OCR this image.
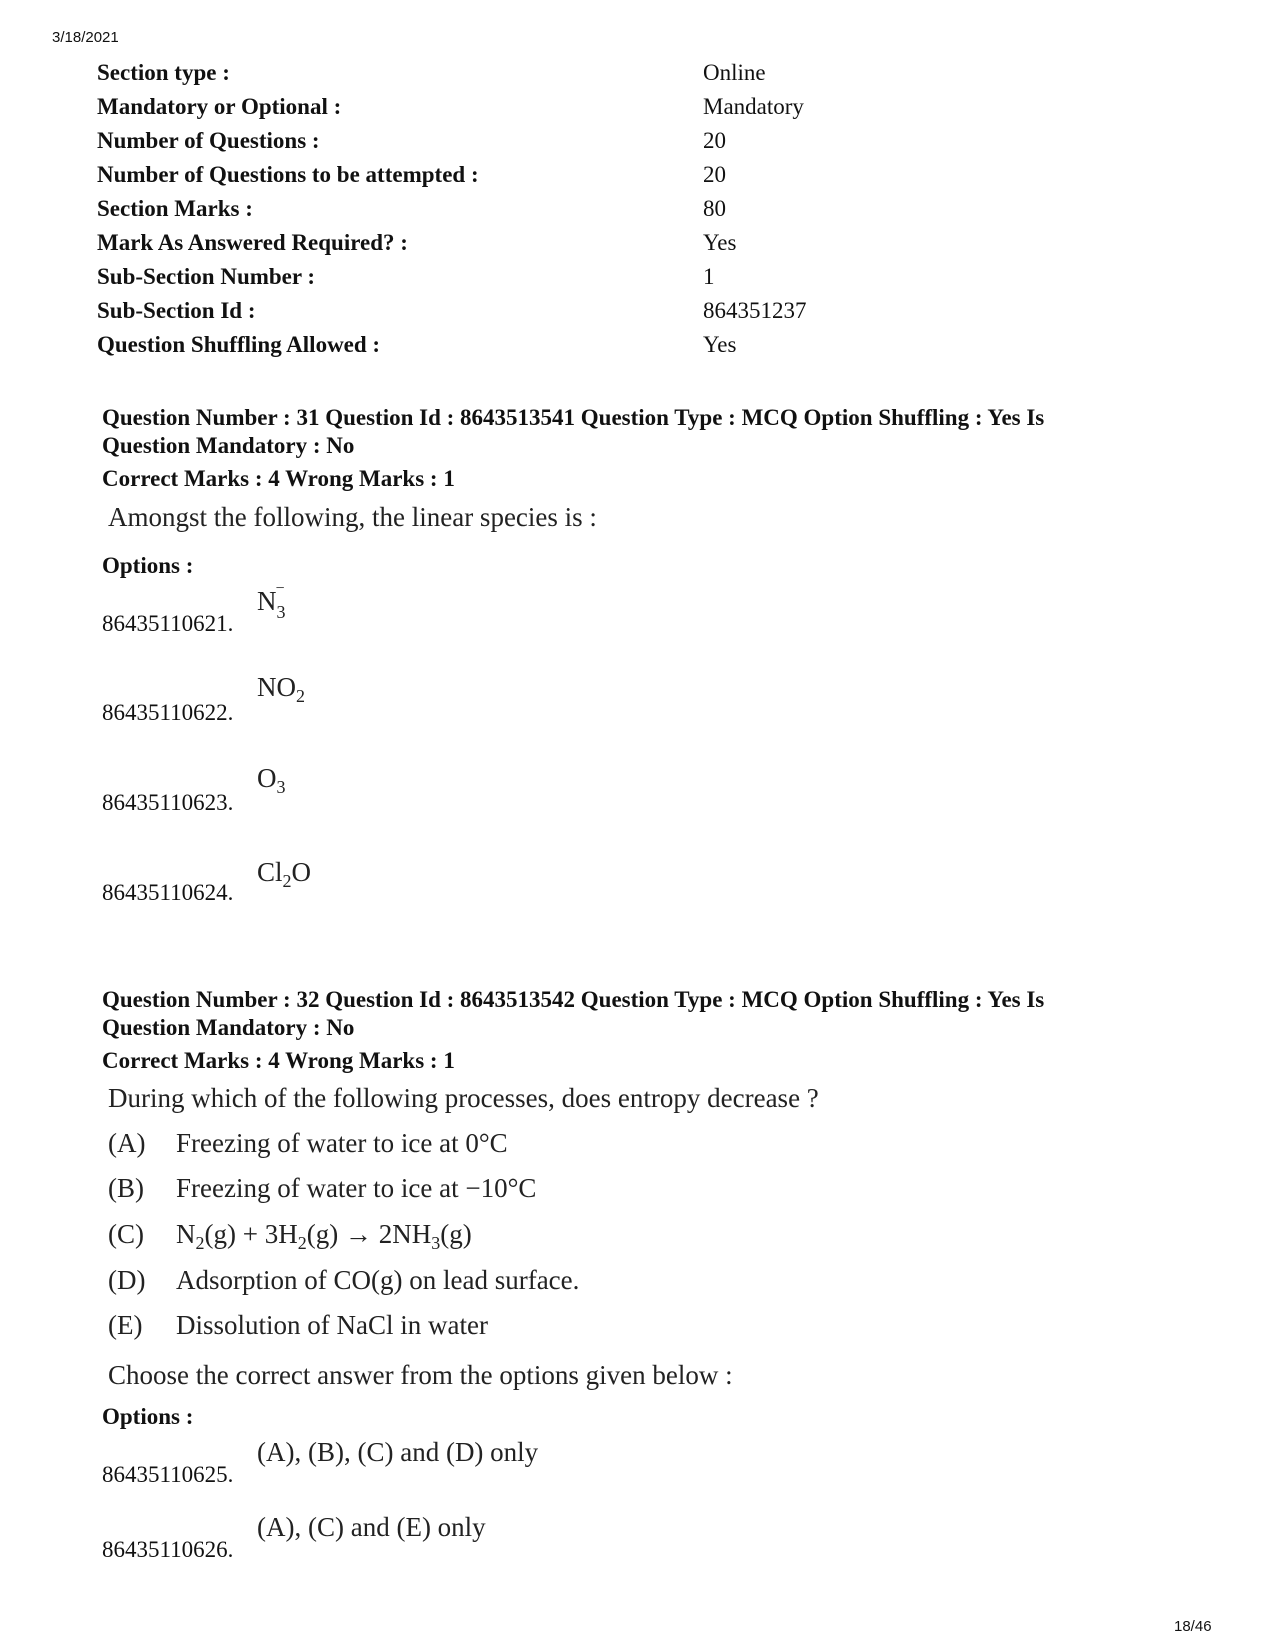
3/18/2021
Section type :	Online
Mandatory or Optional :	Mandatory
Number of Questions :	20
Number of Questions to be attempted :	20
Section Marks :	80
Mark As Answered Required? :	Yes
Sub-Section Number :	1
Sub-Section Id :	864351237
Question Shuffling Allowed :	Yes
Question Number : 31 Question Id : 8643513541 Question Type : MCQ Option Shuffling : Yes Is Question Mandatory : No
Correct Marks : 4 Wrong Marks : 1
Amongst the following, the linear species is :
Options :
86435110621.
N3
−
86435110622.
$NO_2$
86435110623.
$O_3$
86435110624.
$Cl_2O$
Question Number : 32 Question Id : 8643513542 Question Type : MCQ Option Shuffling : Yes Is Question Mandatory : No
Correct Marks : 4 Wrong Marks : 1
During which of the following processes, does entropy decrease ?
(A) Freezing of water to ice at 0°C
(B) Freezing of water to ice at −10°C
(C) $N_2(g) + 3H_2(g) \to 2NH_3(g)$
(D) Adsorption of CO(g) on lead surface.
(E) Dissolution of NaCl in water
Choose the correct answer from the options given below :
Options :
86435110625.
(A), (B), (C) and (D) only
86435110626.
(A), (C) and (E) only
18/46
